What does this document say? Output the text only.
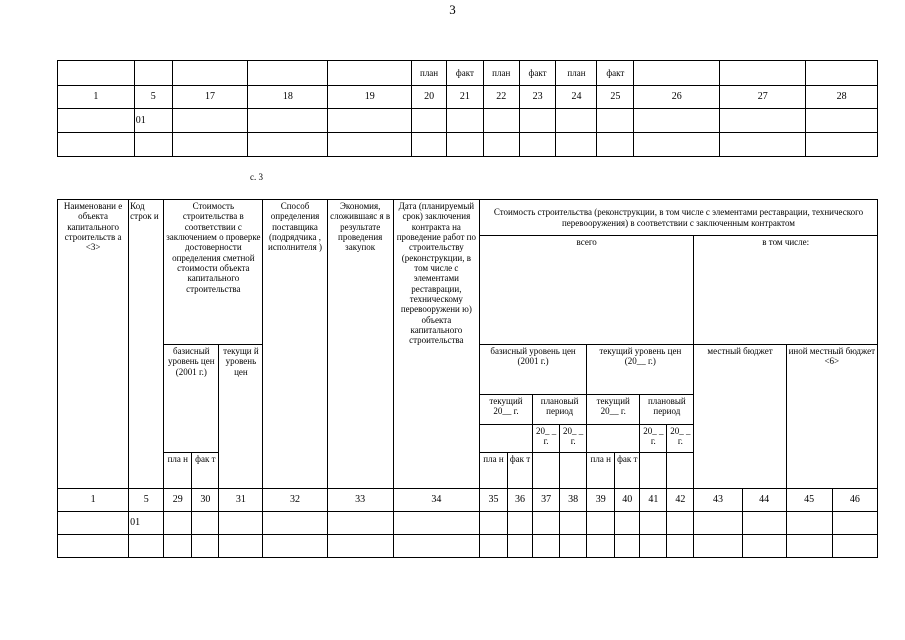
3
					план	факт	план	факт	план	факт			
1	5	17	18	19	20	21	22	23	24	25	26	27	28
	01												

с. 3
Наименовани е объекта капитального строительств а <3>	Код строк и	Стоимость строительства в соответствии с заключением о проверке достоверности определения сметной стоимости объекта капитального строительства			Способ определения поставщика (подрядчика , исполнителя )	Экономия, сложившаяс я в результате проведения закупок	Дата (планируемый срок) заключения контракта на проведение работ по строительству (реконструкции, в том числе с элементами реставрации, техническому перевооружени ю) объекта капитального строительства	Стоимость строительства (реконструкции, в том числе с элементами реставрации, технического перевооружения) в соответствии с заключенным контрактом											
								всего								в том числе:			
		базисный уровень цен (2001 г.)		текущи й уровень цен				базисный уровень цен (2001 г.)				текущий уровень цен (20__ г.)				местный бюджет		иной местный бюджет <6>	
								текущий 20__ г.		плановый период		текущий 20__ г.		плановый период					
										20_ _ г.	20_ _ г.			20_ _ г.	20_ _ г.				
		пла н	фак т					пла н	фак т			пла н	фак т					
1	5	29	30	31	32	33	34	35	36	37	38	39	40	41	42	43	44	45	46
	01																		
